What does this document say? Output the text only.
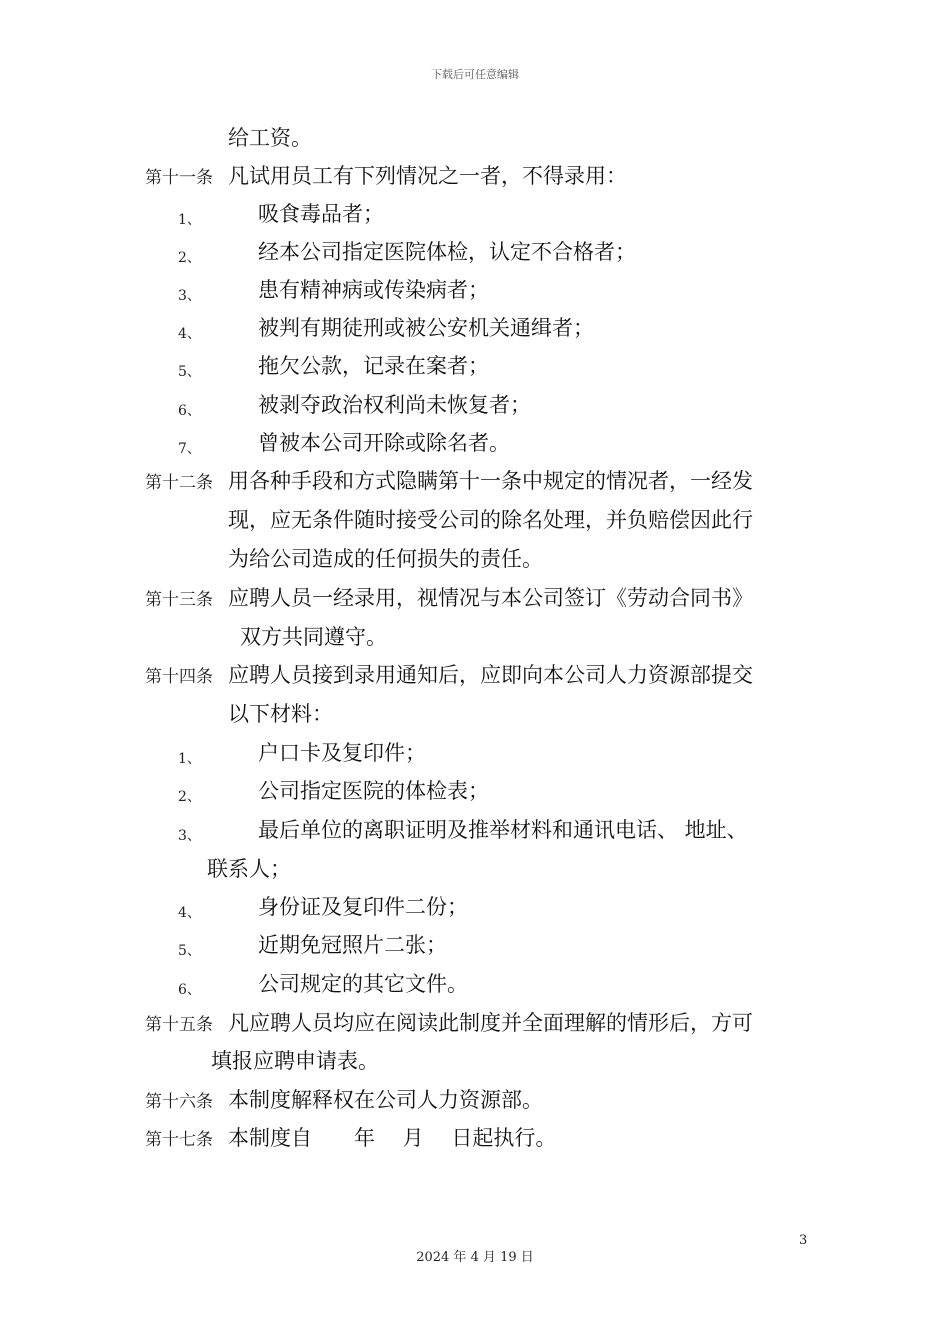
下载后可任意编辑
给工资。
第十一条 凡试用员工有下列情况之一者，不得录用：
1、	吸食毒品者；
2、	经本公司指定医院体检，认定不合格者；
3、	患有精神病或传染病者；
4、	被判有期徒刑或被公安机关通缉者；
5、	拖欠公款，记录在案者；
6、	被剥夺政治权利尚未恢复者；
7、	曾被本公司开除或除名者。
第十二条 用各种手段和方式隐瞒第十一条中规定的情况者，一经发
现，应无条件随时接受公司的除名处理，并负赔偿因此行
为给公司造成的任何损失的责任。
第十三条 应聘人员一经录用，视情况与本公司签订《劳动合同书》
双方共同遵守。
第十四条 应聘人员接到录用通知后，应即向本公司人力资源部提交
以下材料：
1、	户口卡及复印件；
2、	公司指定医院的体检表；
3、	最后单位的离职证明及推举材料和通讯电话、 地址、
联系人；
4、	身份证及复印件二份；
5、	近期免冠照片二张；
6、	公司规定的其它文件。
第十五条 凡应聘人员均应在阅读此制度并全面理解的情形后，方可
填报应聘申请表。
第十六条 本制度解释权在公司人力资源部。
第十七条 本制度自　　年　 月　 日起执行。
3
2024 年 4 月 19 日
